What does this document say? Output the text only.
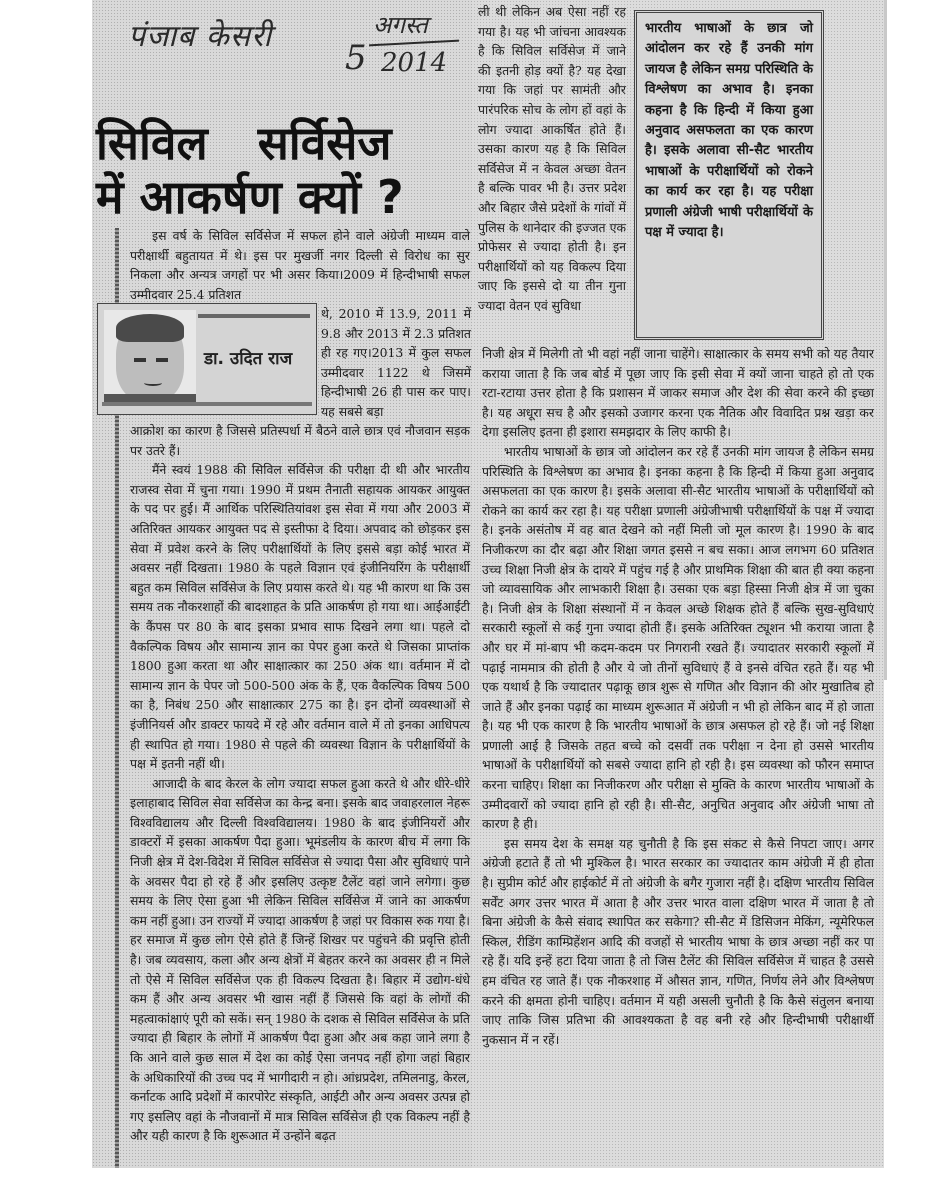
पंजाब केसरी
5
अगस्त
2014
सिविल सर्विसेज
में आकर्षण क्यों ?

इस वर्ष के सिविल सर्विसेज में सफल होने वाले अंग्रेजी माध्यम वाले परीक्षार्थी बहुतायत में थे। इस पर मुखर्जी नगर दिल्ली से विरोध का सुर निकला और अन्यत्र जगहों पर भी असर किया।2009 में हिन्दीभाषी सफल उम्मीदवार 25.4 प्रतिशत

डा. उदित राज

थे, 2010 में 13.9, 2011 में 9.8 और 2013 में 2.3 प्रतिशत ही रह गए।2013 में कुल सफल उम्मीदवार 1122 थे जिसमें हिन्दीभाषी 26 ही पास कर पाए। यह सबसे बड़ा

आक्रोश का कारण है जिससे प्रतिस्पर्धा में बैठने वाले छात्र एवं नौजवान सड़क पर उतरे हैं।

मैंने स्वयं 1988 की सिविल सर्विसेज की परीक्षा दी थी और भारतीय राजस्व सेवा में चुना गया। 1990 में प्रथम तैनाती सहायक आयकर आयुक्त के पद पर हुई। मैं आर्थिक परिस्थितियांवश इस सेवा में गया और 2003 में अतिरिक्त आयकर आयुक्त पद से इस्तीफा दे दिया। अपवाद को छोड़कर इस सेवा में प्रवेश करने के लिए परीक्षार्थियों के लिए इससे बड़ा कोई भारत में अवसर नहीं दिखता। 1980 के पहले विज्ञान एवं इंजीनियरिंग के परीक्षार्थी बहुत कम सिविल सर्विसेज के लिए प्रयास करते थे। यह भी कारण था कि उस समय तक नौकरशाहों की बादशाहत के प्रति आकर्षण हो गया था। आईआईटी के कैंपस पर 80 के बाद इसका प्रभाव साफ दिखने लगा था। पहले दो वैकल्पिक विषय और सामान्य ज्ञान का पेपर हुआ करते थे जिसका प्राप्तांक 1800 हुआ करता था और साक्षात्कार का 250 अंक था। वर्तमान में दो सामान्य ज्ञान के पेपर जो 500-500 अंक के हैं, एक वैकल्पिक विषय 500 का है, निबंध 250 और साक्षात्कार 275 का है। इन दोनों व्यवस्थाओं से इंजीनियर्स और डाक्टर फायदे में रहे और वर्तमान वाले में तो इनका आधिपत्य ही स्थापित हो गया। 1980 से पहले की व्यवस्था विज्ञान के परीक्षार्थियों के पक्ष में इतनी नहीं थी।

आजादी के बाद केरल के लोग ज्यादा सफल हुआ करते थे और धीरे-धीरे इलाहाबाद सिविल सेवा सर्विसेज का केन्द्र बना। इसके बाद जवाहरलाल नेहरू विश्वविद्यालय और दिल्ली विश्वविद्यालय। 1980 के बाद इंजीनियरों और डाक्टरों में इसका आकर्षण पैदा हुआ। भूमंडलीय के कारण बीच में लगा कि निजी क्षेत्र में देश-विदेश में सिविल सर्विसेज से ज्यादा पैसा और सुविधाएं पाने के अवसर पैदा हो रहे हैं और इसलिए उत्कृष्ट टैलेंट वहां जाने लगेगा। कुछ समय के लिए ऐसा हुआ भी लेकिन सिविल सर्विसेज में जाने का आकर्षण कम नहीं हुआ। उन राज्यों में ज्यादा आकर्षण है जहां पर विकास रुक गया है। हर समाज में कुछ लोग ऐसे होते हैं जिन्हें शिखर पर पहुंचने की प्रवृत्ति होती है। जब व्यवसाय, कला और अन्य क्षेत्रों में बेहतर करने का अवसर ही न मिले तो ऐसे में सिविल सर्विसेज एक ही विकल्प दिखता है। बिहार में उद्योग-धंधे कम हैं और अन्य अवसर भी खास नहीं हैं जिससे कि वहां के लोगों की महत्वाकांक्षाएं पूरी को सकें। सन् 1980 के दशक से सिविल सर्विसेज के प्रति ज्यादा ही बिहार के लोगों में आकर्षण पैदा हुआ और अब कहा जाने लगा है कि आने वाले कुछ साल में देश का कोई ऐसा जनपद नहीं होगा जहां बिहार के अधिकारियों की उच्च पद में भागीदारी न हो। आंध्रप्रदेश, तमिलनाडु, केरल, कर्नाटक आदि प्रदेशों में कारपोरेट संस्कृति, आईटी और अन्य अवसर उत्पन्न हो गए इसलिए वहां के नौजवानों में मात्र सिविल सर्विसेज ही एक विकल्प नहीं है और यही कारण है कि शुरूआत में उन्होंने बढ़त

ली थी लेकिन अब ऐसा नहीं रह गया है। यह भी जांचना आवश्यक है कि सिविल सर्विसेज में जाने की इतनी होड़ क्यों है? यह देखा गया कि जहां पर सामंती और पारंपरिक सोच के लोग हों वहां के लोग ज्यादा आकर्षित होते हैं। उसका कारण यह है कि सिविल सर्विसेज में न केवल अच्छा वेतन है बल्कि पावर भी है। उत्तर प्रदेश और बिहार जैसे प्रदेशों के गांवों में पुलिस के थानेदार की इज्जत एक प्रोफेसर से ज्यादा होती है। इन परीक्षार्थियों को यह विकल्प दिया जाए कि इससे दो या तीन गुना ज्यादा वेतन एवं सुविधा

भारतीय भाषाओं के छात्र जो आंदोलन कर रहे हैं उनकी मांग जायज है लेकिन समग्र परिस्थिति के विश्लेषण का अभाव है। इनका कहना है कि हिन्दी में किया हुआ अनुवाद असफलता का एक कारण है। इसके अलावा सी-सैट भारतीय भाषाओं के परीक्षार्थियों को रोकने का कार्य कर रहा है। यह परीक्षा प्रणाली अंग्रेजी भाषी परीक्षार्थियों के पक्ष में ज्यादा है।

निजी क्षेत्र में मिलेगी तो भी वहां नहीं जाना चाहेंगे। साक्षात्कार के समय सभी को यह तैयार कराया जाता है कि जब बोर्ड में पूछा जाए कि इसी सेवा में क्यों जाना चाहते हो तो एक रटा-रटाया उत्तर होता है कि प्रशासन में जाकर समाज और देश की सेवा करने की इच्छा है। यह अधूरा सच है और इसको उजागर करना एक नैतिक और विवादित प्रश्न खड़ा कर देगा इसलिए इतना ही इशारा समझदार के लिए काफी है।

भारतीय भाषाओं के छात्र जो आंदोलन कर रहे हैं उनकी मांग जायज है लेकिन समग्र परिस्थिति के विश्लेषण का अभाव है। इनका कहना है कि हिन्दी में किया हुआ अनुवाद असफलता का एक कारण है। इसके अलावा सी-सैट भारतीय भाषाओं के परीक्षार्थियों को रोकने का कार्य कर रहा है। यह परीक्षा प्रणाली अंग्रेजीभाषी परीक्षार्थियों के पक्ष में ज्यादा है। इनके असंतोष में वह बात देखने को नहीं मिली जो मूल कारण है। 1990 के बाद निजीकरण का दौर बढ़ा और शिक्षा जगत इससे न बच सका। आज लगभग 60 प्रतिशत उच्च शिक्षा निजी क्षेत्र के दायरे में पहुंच गई है और प्राथमिक शिक्षा की बात ही क्या कहना जो व्यावसायिक और लाभकारी शिक्षा है। उसका एक बड़ा हिस्सा निजी क्षेत्र में जा चुका है। निजी क्षेत्र के शिक्षा संस्थानों में न केवल अच्छे शिक्षक होते हैं बल्कि सुख-सुविधाएं सरकारी स्कूलों से कई गुना ज्यादा होती हैं। इसके अतिरिक्त ट्यूशन भी कराया जाता है और घर में मां-बाप भी कदम-कदम पर निगरानी रखते हैं। ज्यादातर सरकारी स्कूलों में पढ़ाई नाममात्र की होती है और ये जो तीनों सुविधाएं हैं वे इनसे वंचित रहते हैं। यह भी एक यथार्थ है कि ज्यादातर पढ़ाकू छात्र शुरू से गणित और विज्ञान की ओर मुखातिब हो जाते हैं और इनका पढ़ाई का माध्यम शुरूआत में अंग्रेजी न भी हो लेकिन बाद में हो जाता है। यह भी एक कारण है कि भारतीय भाषाओं के छात्र असफल हो रहे हैं। जो नई शिक्षा प्रणाली आई है जिसके तहत बच्चे को दसवीं तक परीक्षा न देना हो उससे भारतीय भाषाओं के परीक्षार्थियों को सबसे ज्यादा हानि हो रही है। इस व्यवस्था को फौरन समाप्त करना चाहिए। शिक्षा का निजीकरण और परीक्षा से मुक्ति के कारण भारतीय भाषाओं के उम्मीदवारों को ज्यादा हानि हो रही है। सी-सैट, अनुचित अनुवाद और अंग्रेजी भाषा तो कारण है ही।

इस समय देश के समक्ष यह चुनौती है कि इस संकट से कैसे निपटा जाए। अगर अंग्रेजी हटाते हैं तो भी मुश्किल है। भारत सरकार का ज्यादातर काम अंग्रेजी में ही होता है। सुप्रीम कोर्ट और हाईकोर्ट में तो अंग्रेजी के बगैर गुजारा नहीं है। दक्षिण भारतीय सिविल सर्वेंट अगर उत्तर भारत में आता है और उत्तर भारत वाला दक्षिण भारत में जाता है तो बिना अंग्रेजी के कैसे संवाद स्थापित कर सकेगा? सी-सैट में डिसिजन मेकिंग, न्यूमेरिफल स्किल, रीडिंग काम्प्रिहेंशन आदि की वजहों से भारतीय भाषा के छात्र अच्छा नहीं कर पा रहे हैं। यदि इन्हें हटा दिया जाता है तो जिस टैलेंट की सिविल सर्विसेज में चाहत है उससे हम वंचित रह जाते हैं। एक नौकरशाह में औसत ज्ञान, गणित, निर्णय लेने और विश्लेषण करने की क्षमता होनी चाहिए। वर्तमान में यही असली चुनौती है कि कैसे संतुलन बनाया जाए ताकि जिस प्रतिभा की आवश्यकता है वह बनी रहे और हिन्दीभाषी परीक्षार्थी नुकसान में न रहें।
